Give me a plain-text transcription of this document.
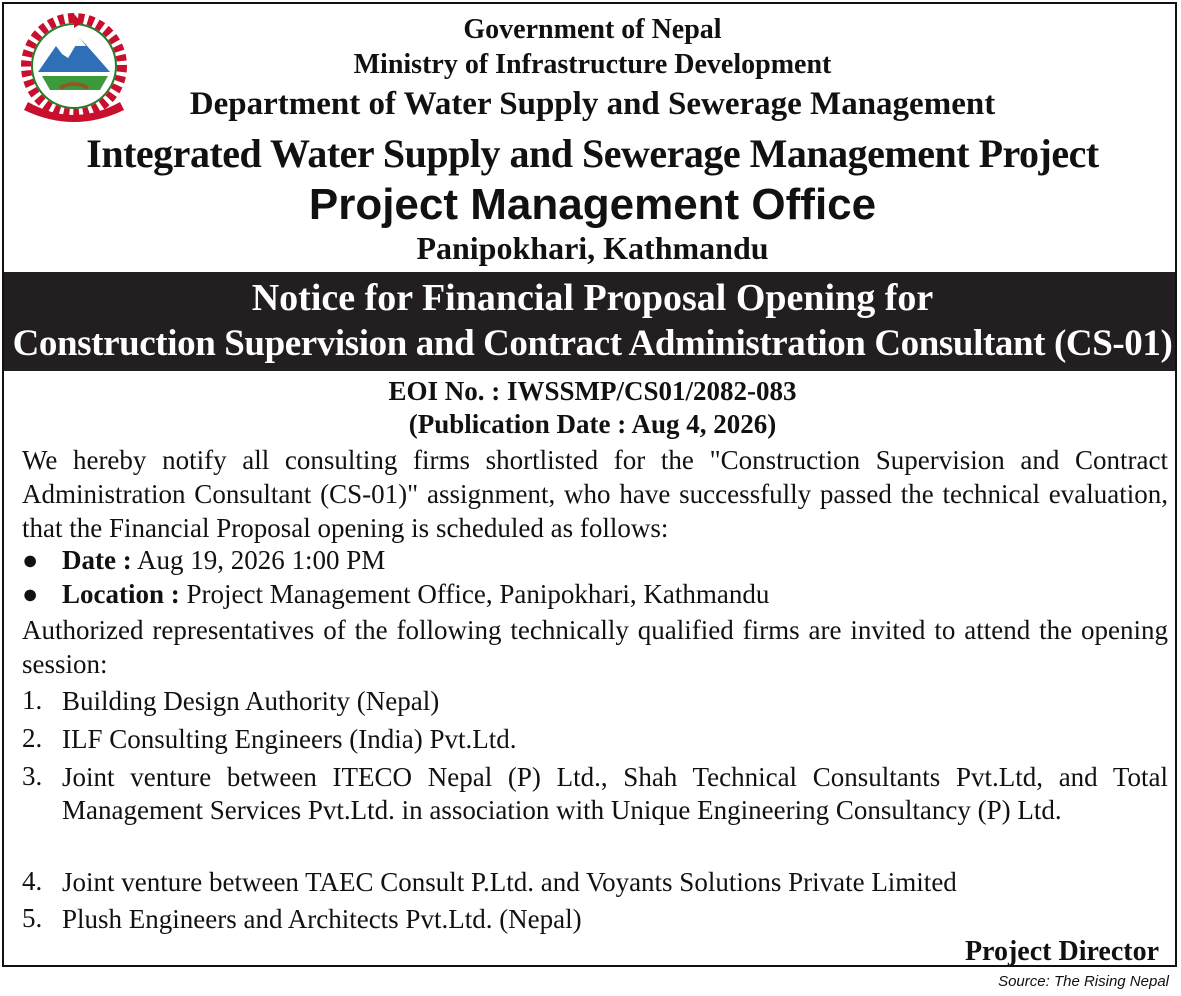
Government of Nepal
Ministry of Infrastructure Development
Department of Water Supply and Sewerage Management
Integrated Water Supply and Sewerage Management Project
Project Management Office
Panipokhari, Kathmandu
Notice for Financial Proposal Opening for
Construction Supervision and Contract Administration Consultant (CS-01)
EOI No. : IWSSMP/CS01/2082-083
(Publication Date : Aug 4, 2026)
We hereby notify all consulting firms shortlisted for the "Construction Supervision and Contract Administration Consultant (CS-01)" assignment, who have successfully passed the technical evaluation, that the Financial Proposal opening is scheduled as follows:
● Date : Aug 19, 2026 1:00 PM
● Location : Project Management Office, Panipokhari, Kathmandu
Authorized representatives of the following technically qualified firms are invited to attend the opening session:
1. Building Design Authority (Nepal)
2. ILF Consulting Engineers (India) Pvt.Ltd.
3. Joint venture between ITECO Nepal (P) Ltd., Shah Technical Consultants Pvt.Ltd, and Total Management Services Pvt.Ltd. in association with Unique Engineering Consultancy (P) Ltd.
4. Joint venture between TAEC Consult P.Ltd. and Voyants Solutions Private Limited
5. Plush Engineers and Architects Pvt.Ltd. (Nepal)
Project Director
Source: The Rising Nepal
